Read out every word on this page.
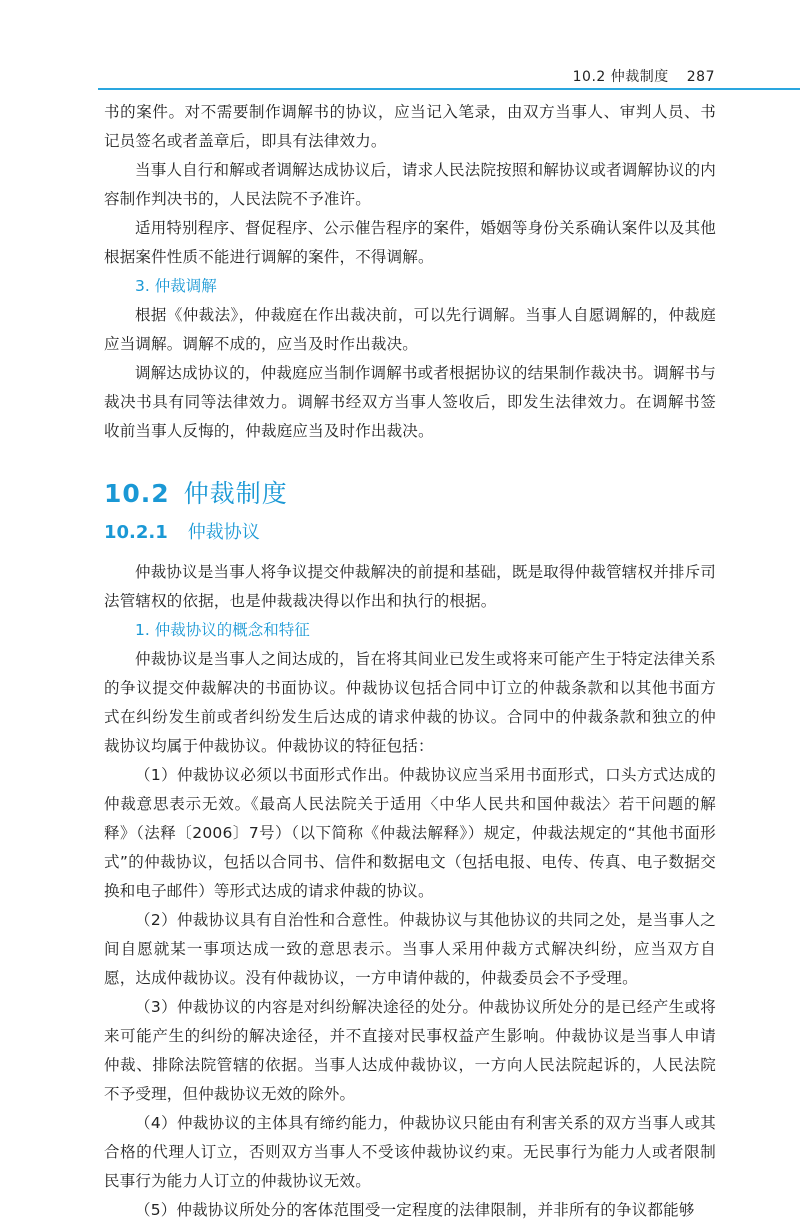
10.2 仲裁制度 287

书的案件。对不需要制作调解书的协议，应当记入笔录，由双方当事人、审判人员、书记员签名或者盖章后，即具有法律效力。

当事人自行和解或者调解达成协议后，请求人民法院按照和解协议或者调解协议的内容制作判决书的，人民法院不予准许。

适用特别程序、督促程序、公示催告程序的案件，婚姻等身份关系确认案件以及其他根据案件性质不能进行调解的案件，不得调解。

3. 仲裁调解

根据《仲裁法》，仲裁庭在作出裁决前，可以先行调解。当事人自愿调解的，仲裁庭应当调解。调解不成的，应当及时作出裁决。

调解达成协议的，仲裁庭应当制作调解书或者根据协议的结果制作裁决书。调解书与裁决书具有同等法律效力。调解书经双方当事人签收后，即发生法律效力。在调解书签收前当事人反悔的，仲裁庭应当及时作出裁决。

10.2 仲裁制度
10.2.1 仲裁协议

仲裁协议是当事人将争议提交仲裁解决的前提和基础，既是取得仲裁管辖权并排斥司法管辖权的依据，也是仲裁裁决得以作出和执行的根据。

1. 仲裁协议的概念和特征

仲裁协议是当事人之间达成的，旨在将其间业已发生或将来可能产生于特定法律关系的争议提交仲裁解决的书面协议。仲裁协议包括合同中订立的仲裁条款和以其他书面方式在纠纷发生前或者纠纷发生后达成的请求仲裁的协议。合同中的仲裁条款和独立的仲裁协议均属于仲裁协议。仲裁协议的特征包括：

（1）仲裁协议必须以书面形式作出。仲裁协议应当采用书面形式，口头方式达成的仲裁意思表示无效。《最高人民法院关于适用〈中华人民共和国仲裁法〉若干问题的解释》（法释〔2006〕7号）（以下简称《仲裁法解释》）规定，仲裁法规定的“其他书面形式”的仲裁协议，包括以合同书、信件和数据电文（包括电报、电传、传真、电子数据交换和电子邮件）等形式达成的请求仲裁的协议。

（2）仲裁协议具有自治性和合意性。仲裁协议与其他协议的共同之处，是当事人之间自愿就某一事项达成一致的意思表示。当事人采用仲裁方式解决纠纷，应当双方自愿，达成仲裁协议。没有仲裁协议，一方申请仲裁的，仲裁委员会不予受理。

（3）仲裁协议的内容是对纠纷解决途径的处分。仲裁协议所处分的是已经产生或将来可能产生的纠纷的解决途径，并不直接对民事权益产生影响。仲裁协议是当事人申请仲裁、排除法院管辖的依据。当事人达成仲裁协议，一方向人民法院起诉的，人民法院不予受理，但仲裁协议无效的除外。

（4）仲裁协议的主体具有缔约能力，仲裁协议只能由有利害关系的双方当事人或其合格的代理人订立，否则双方当事人不受该仲裁协议约束。无民事行为能力人或者限制民事行为能力人订立的仲裁协议无效。

（5）仲裁协议所处分的客体范围受一定程度的法律限制，并非所有的争议都能够
